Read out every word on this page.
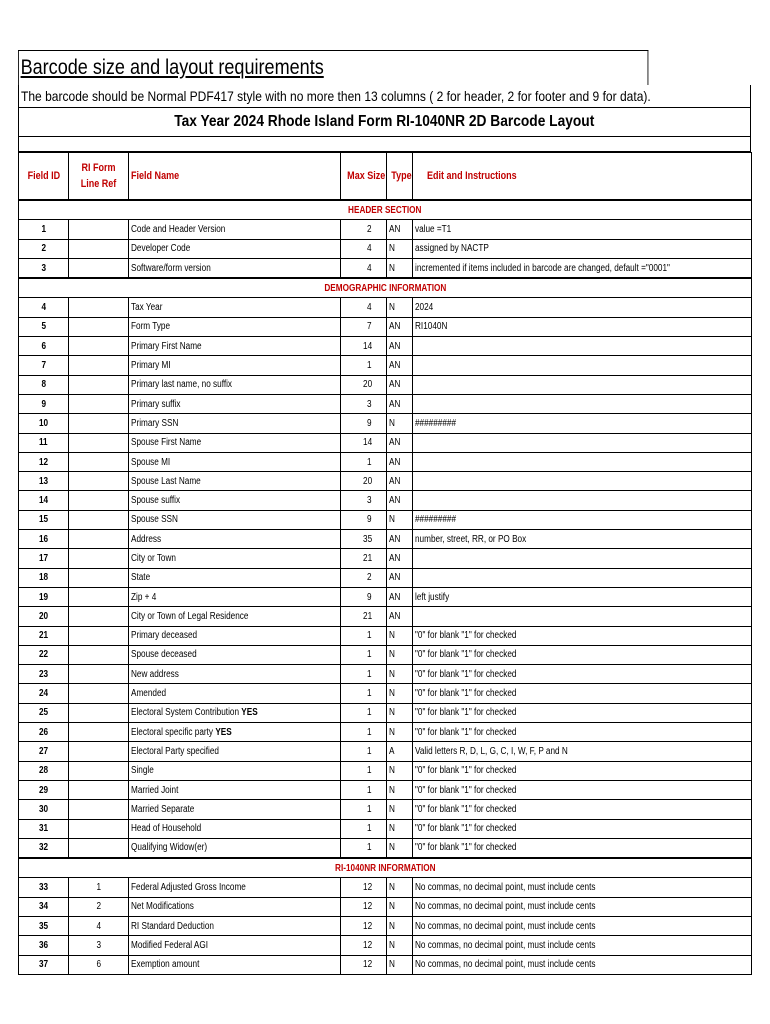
Barcode size and layout requirements
The barcode should be Normal PDF417 style with no more then 13 columns ( 2 for header, 2 for footer and 9 for data).
Tax Year 2024 Rhode Island Form RI-1040NR 2D Barcode Layout
Field ID	RI Form Line Ref	Field Name	Max Size	Type	Edit and Instructions
HEADER SECTION					
1		Code and Header Version	2	AN	value =T1
2		Developer Code	4	N	assigned by NACTP
3		Software/form version	4	N	incremented if items included in barcode are changed, default ="0001"
DEMOGRAPHIC INFORMATION					
4		Tax Year	4	N	2024
5		Form Type	7	AN	RI1040N
6		Primary First Name	14	AN	
7		Primary MI	1	AN	
8		Primary last name, no suffix	20	AN	
9		Primary suffix	3	AN	
10		Primary SSN	9	N	#########
11		Spouse First Name	14	AN	
12		Spouse MI	1	AN	
13		Spouse Last Name	20	AN	
14		Spouse suffix	3	AN	
15		Spouse SSN	9	N	#########
16		Address	35	AN	number, street, RR, or PO Box
17		City or Town	21	AN	
18		State	2	AN	
19		Zip + 4	9	AN	left justify
20		City or Town of Legal Residence	21	AN	
21		Primary deceased	1	N	"0" for blank "1" for checked
22		Spouse deceased	1	N	"0" for blank "1" for checked
23		New address	1	N	"0" for blank "1" for checked
24		Amended	1	N	"0" for blank "1" for checked
25		Electoral System Contribution YES	1	N	"0" for blank "1" for checked
26		Electoral specific party YES	1	N	"0" for blank "1" for checked
27		Electoral Party specified	1	A	Valid letters R, D, L, G, C, I, W, F, P and N
28		Single	1	N	"0" for blank "1" for checked
29		Married Joint	1	N	"0" for blank "1" for checked
30		Married Separate	1	N	"0" for blank "1" for checked
31		Head of Household	1	N	"0" for blank "1" for checked
32		Qualifying Widow(er)	1	N	"0" for blank "1" for checked
RI-1040NR INFORMATION					
33	1	Federal Adjusted Gross Income	12	N	No commas, no decimal point, must include cents
34	2	Net Modifications	12	N	No commas, no decimal point, must include cents
35	4	RI Standard Deduction	12	N	No commas, no decimal point, must include cents
36	3	Modified Federal AGI	12	N	No commas, no decimal point, must include cents
37	6	Exemption amount	12	N	No commas, no decimal point, must include cents
